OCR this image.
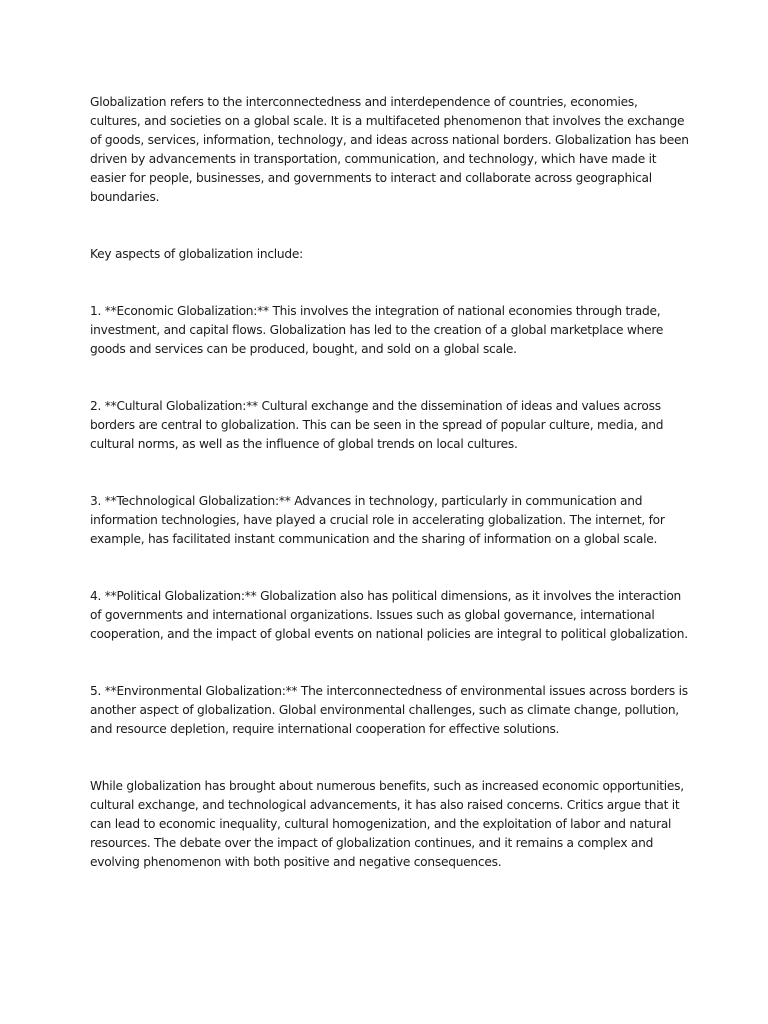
Globalization refers to the interconnectedness and interdependence of countries, economies, cultures, and societies on a global scale. It is a multifaceted phenomenon that involves the exchange of goods, services, information, technology, and ideas across national borders. Globalization has been driven by advancements in transportation, communication, and technology, which have made it easier for people, businesses, and governments to interact and collaborate across geographical boundaries.

Key aspects of globalization include:

1. **Economic Globalization:** This involves the integration of national economies through trade, investment, and capital flows. Globalization has led to the creation of a global marketplace where goods and services can be produced, bought, and sold on a global scale.

2. **Cultural Globalization:** Cultural exchange and the dissemination of ideas and values across borders are central to globalization. This can be seen in the spread of popular culture, media, and cultural norms, as well as the influence of global trends on local cultures.

3. **Technological Globalization:** Advances in technology, particularly in communication and information technologies, have played a crucial role in accelerating globalization. The internet, for example, has facilitated instant communication and the sharing of information on a global scale.

4. **Political Globalization:** Globalization also has political dimensions, as it involves the interaction of governments and international organizations. Issues such as global governance, international cooperation, and the impact of global events on national policies are integral to political globalization.

5. **Environmental Globalization:** The interconnectedness of environmental issues across borders is another aspect of globalization. Global environmental challenges, such as climate change, pollution, and resource depletion, require international cooperation for effective solutions.

While globalization has brought about numerous benefits, such as increased economic opportunities, cultural exchange, and technological advancements, it has also raised concerns. Critics argue that it can lead to economic inequality, cultural homogenization, and the exploitation of labor and natural resources. The debate over the impact of globalization continues, and it remains a complex and evolving phenomenon with both positive and negative consequences.
